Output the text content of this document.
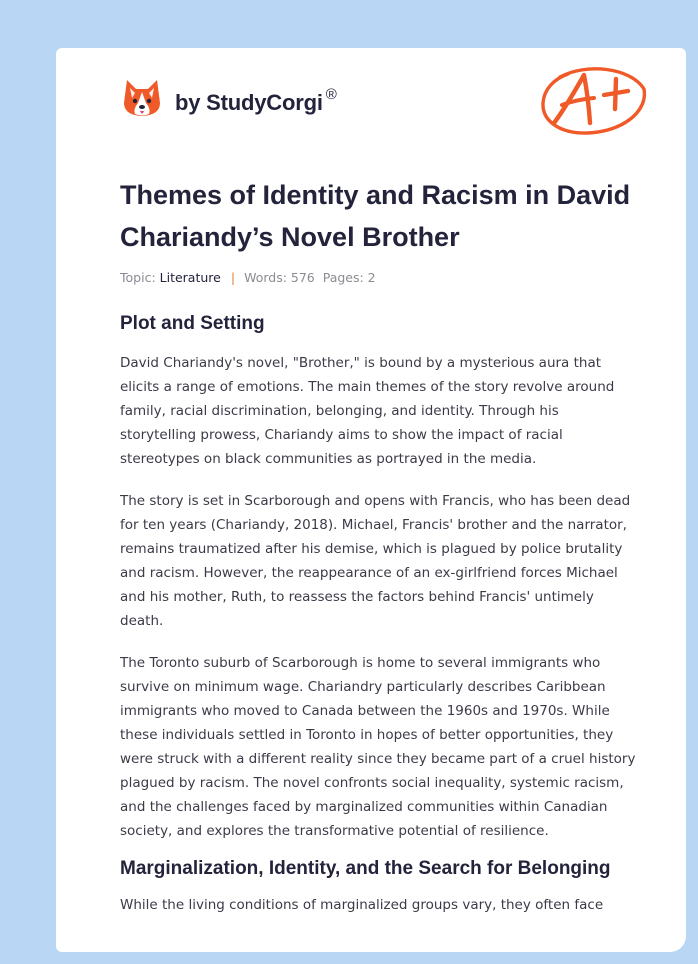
by StudyCorgi ®
Themes of Identity and Racism in David Chariandy’s Novel Brother
Topic: Literature | Words: 576 Pages: 2
Plot and Setting

David Chariandy's novel, "Brother," is bound by a mysterious aura that elicits a range of emotions. The main themes of the story revolve around family, racial discrimination, belonging, and identity. Through his storytelling prowess, Chariandy aims to show the impact of racial stereotypes on black communities as portrayed in the media.

The story is set in Scarborough and opens with Francis, who has been dead for ten years (Chariandy, 2018). Michael, Francis' brother and the narrator, remains traumatized after his demise, which is plagued by police brutality and racism. However, the reappearance of an ex-girlfriend forces Michael and his mother, Ruth, to reassess the factors behind Francis' untimely death.

The Toronto suburb of Scarborough is home to several immigrants who survive on minimum wage. Chariandry particularly describes Caribbean immigrants who moved to Canada between the 1960s and 1970s. While these individuals settled in Toronto in hopes of better opportunities, they were struck with a different reality since they became part of a cruel history plagued by racism. The novel confronts social inequality, systemic racism, and the challenges faced by marginalized communities within Canadian society, and explores the transformative potential of resilience.

Marginalization, Identity, and the Search for Belonging

While the living conditions of marginalized groups vary, they often face
